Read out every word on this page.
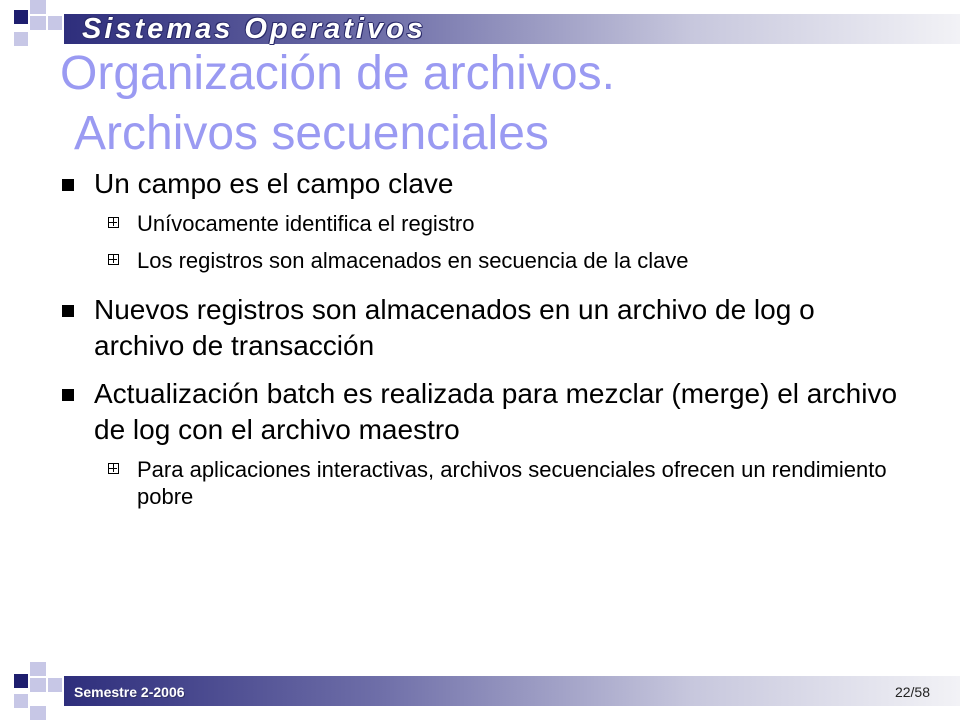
Sistemas Operativos
Organización de archivos.
Archivos secuenciales
Un campo es el campo clave
Unívocamente identifica el registro
Los registros son almacenados en secuencia de la clave
Nuevos registros son almacenados en un archivo de log o archivo de transacción
Actualización batch es realizada para mezclar (merge) el archivo de log con el archivo maestro
Para aplicaciones interactivas, archivos secuenciales ofrecen un rendimiento pobre
Semestre 2-2006	22/58
